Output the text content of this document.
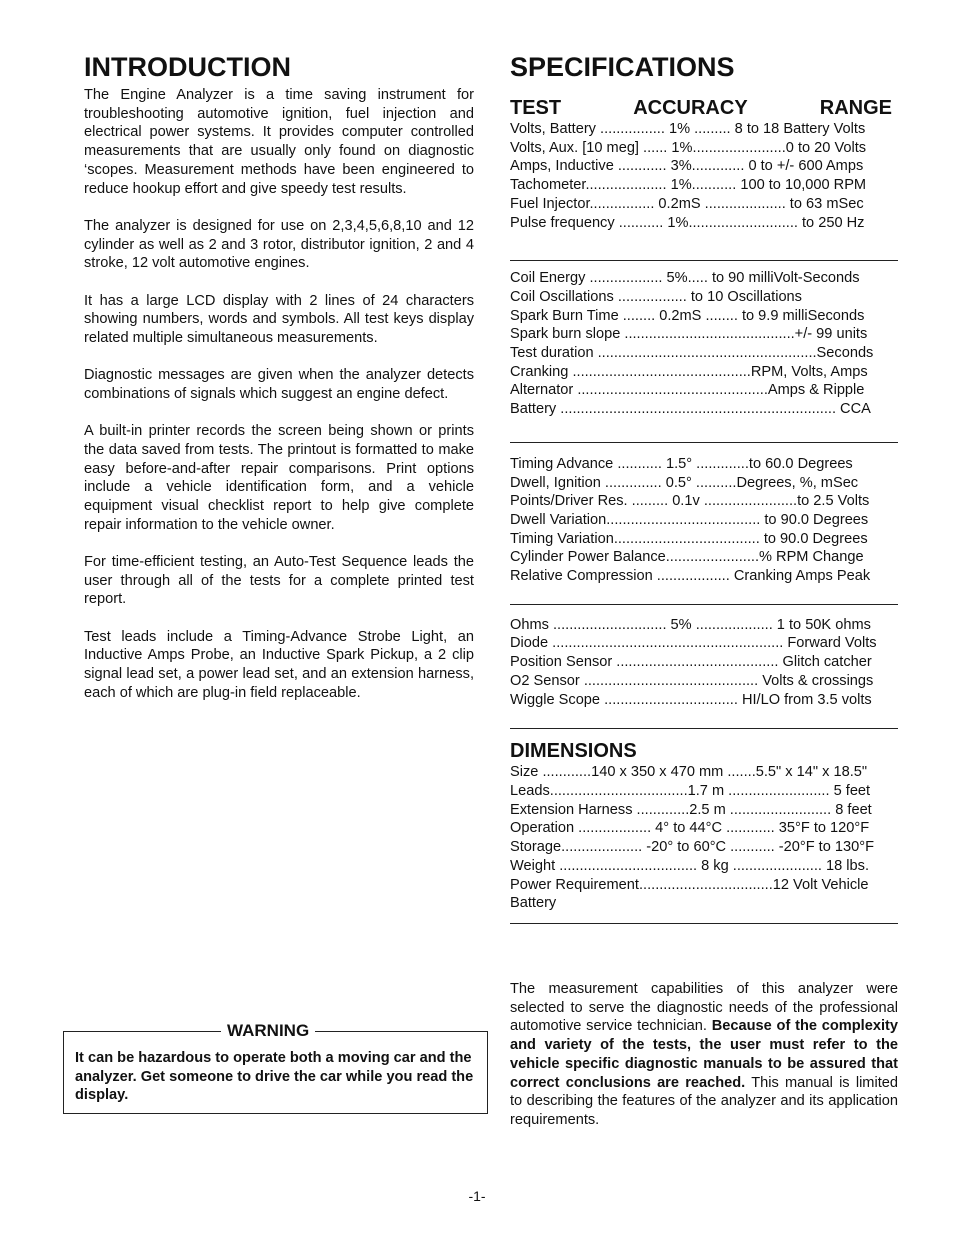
INTRODUCTION

The Engine Analyzer is a time saving instrument for troubleshooting automotive ignition, fuel injection and electrical power systems. It provides computer controlled measurements that are usually only found on diagnostic ‘scopes. Measurement methods have been engineered to reduce hookup effort and give speedy test results.

The analyzer is designed for use on 2,3,4,5,6,8,10 and 12 cylinder as well as 2 and 3 rotor, distributor ignition, 2 and 4 stroke, 12 volt automotive engines.

It has a large LCD display with 2 lines of 24 characters showing numbers, words and symbols. All test keys display related multiple simultaneous measurements.

Diagnostic messages are given when the analyzer detects combinations of signals which suggest an engine defect.

A built-in printer records the screen being shown or prints the data saved from tests. The printout is formatted to make easy before-and-after repair comparisons. Print options include a vehicle identification form, and a vehicle equipment visual checklist report to help give complete repair information to the vehicle owner.

For time-efficient testing, an Auto-Test Sequence leads the user through all of the tests for a complete printed test report.

Test leads include a Timing-Advance Strobe Light, an Inductive Amps Probe, an Inductive Spark Pickup, a 2 clip signal lead set, a power lead set, and an extension harness, each of which are plug-in field replaceable.

SPECIFICATIONS
TEST	ACCURACY	RANGE
Volts, Battery ................ 1% ......... 8 to 18 Battery Volts
Volts, Aux. [10 meg] ...... 1%.......................0 to 20 Volts
Amps, Inductive ............ 3%............. 0 to +/- 600 Amps
Tachometer.................... 1%........... 100 to 10,000 RPM
Fuel Injector................ 0.2mS .................... to 63 mSec
Pulse frequency ........... 1%........................... to 250 Hz
Coil Energy .................. 5%..... to 90 milliVolt-Seconds
Coil Oscillations ................. to 10 Oscillations
Spark Burn Time ........ 0.2mS ........ to 9.9 milliSeconds
Spark burn slope ..........................................+/- 99 units
Test duration ......................................................Seconds
Cranking ............................................RPM, Volts, Amps
Alternator ...............................................Amps & Ripple
Battery .................................................................... CCA
Timing Advance ........... 1.5° .............to 60.0 Degrees
Dwell, Ignition .............. 0.5° ..........Degrees, %, mSec
Points/Driver Res. ......... 0.1v .......................to 2.5 Volts
Dwell Variation...................................... to 90.0 Degrees
Timing Variation.................................... to 90.0 Degrees
Cylinder Power Balance.......................% RPM Change
Relative Compression .................. Cranking Amps Peak
Ohms ............................ 5% ................... 1 to 50K ohms
Diode ......................................................... Forward Volts
Position Sensor ........................................ Glitch catcher
O2 Sensor ........................................... Volts & crossings
Wiggle Scope ................................. HI/LO from 3.5 volts
DIMENSIONS
Size ............140 x 350 x 470 mm .......5.5" x 14" x 18.5"
Leads..................................1.7 m ......................... 5 feet
Extension Harness .............2.5 m ......................... 8 feet
Operation .................. 4° to 44°C ............ 35°F to 120°F
Storage.................... -20° to 60°C ........... -20°F to 130°F
Weight .................................. 8 kg ...................... 18 lbs.
Power Requirement.................................12 Volt Vehicle
Battery
The measurement capabilities of this analyzer were selected to serve the diagnostic needs of the professional automotive service technician. Because of the complexity and variety of the tests, the user must refer to the vehicle specific diagnostic manuals to be assured that correct conclusions are reached. This manual is limited to describing the features of the analyzer and its application requirements.
WARNING
It can be hazardous to operate both a moving car and the analyzer. Get someone to drive the car while you read the display.
-1-
